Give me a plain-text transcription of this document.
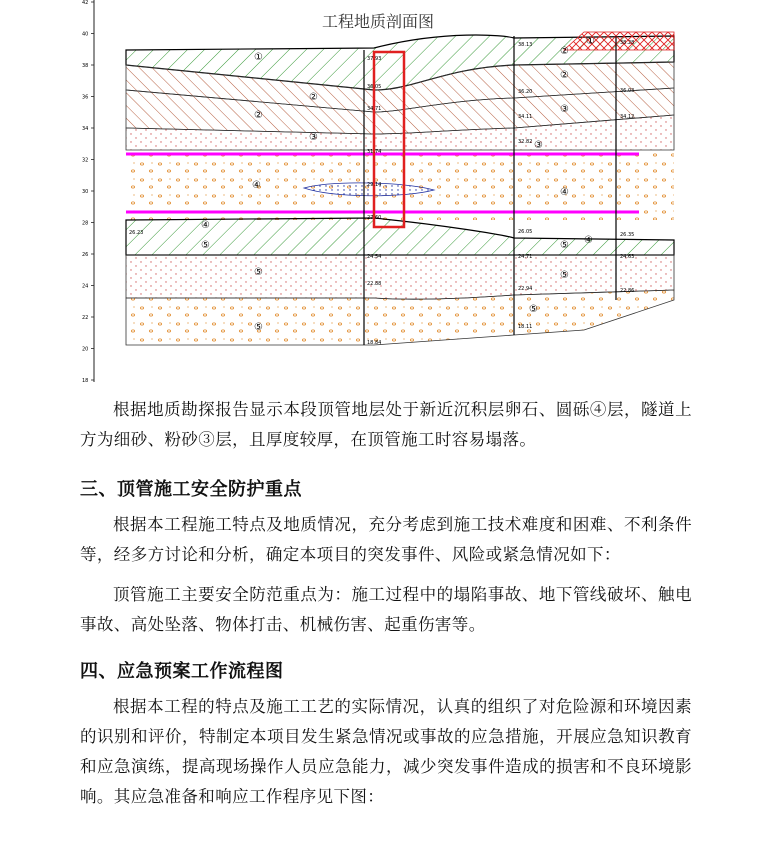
42
40
38
36
34
32
30
28
26
24
22
20
18
工程地质剖面图
①
②
②
③
④
④
⑤
⑤
⑤
①
②
②
③
③
④
④
⑤
⑤
⑤
37.93
36.05
34.71
31.74
29.14
27.60
26.23
24.54
22.88
18.84
38.13
36.20
34.11
32.82
26.05
24.71
22.94
18.11
38.28
36.03
34.12
26.35
24.63
22.86
根据地质勘探报告显示本段顶管地层处于新近沉积层卵石、圆砾④层，隧道上方为细砂、粉砂③层，且厚度较厚，在顶管施工时容易塌落。
三、顶管施工安全防护重点
根据本工程施工特点及地质情况，充分考虑到施工技术难度和困难、不利条件等，经多方讨论和分析，确定本项目的突发事件、风险或紧急情况如下：
顶管施工主要安全防范重点为：施工过程中的塌陷事故、地下管线破坏、触电事故、高处坠落、物体打击、机械伤害、起重伤害等。
四、应急预案工作流程图
根据本工程的特点及施工工艺的实际情况，认真的组织了对危险源和环境因素的识别和评价，特制定本项目发生紧急情况或事故的应急措施，开展应急知识教育和应急演练，提高现场操作人员应急能力，减少突发事件造成的损害和不良环境影响。其应急准备和响应工作程序见下图：
